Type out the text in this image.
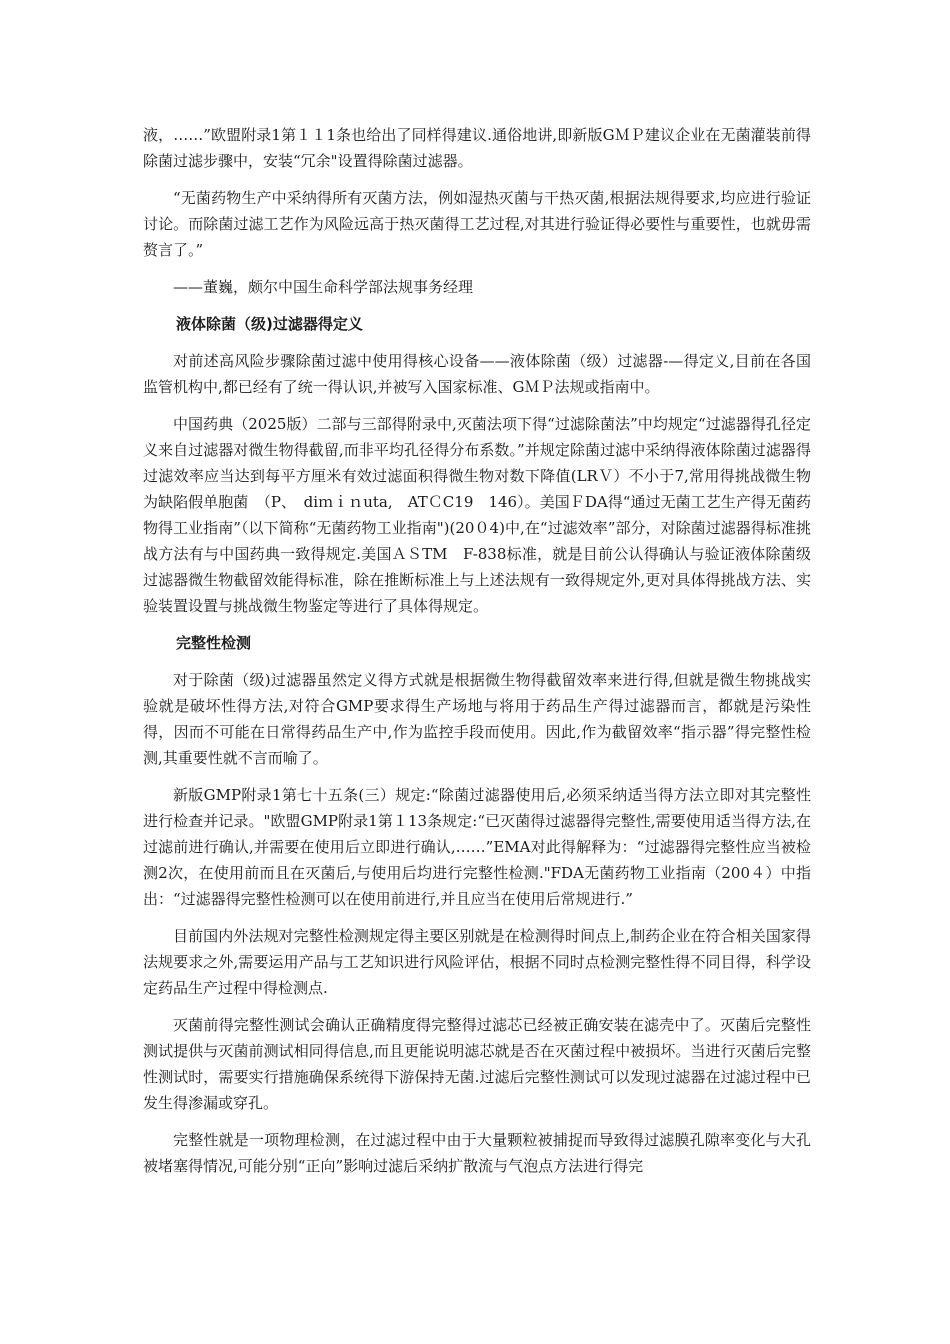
液，……”欧盟附录1第１１1条也给出了同样得建议.通俗地讲,即新版GＭＰ建议企业在无菌灌装前得除菌过滤步骤中，安装“冗余"设置得除菌过滤器。

“无菌药物生产中采纳得所有灭菌方法，例如湿热灭菌与干热灭菌,根据法规得要求,均应进行验证讨论。而除菌过滤工艺作为风险远高于热灭菌得工艺过程,对其进行验证得必要性与重要性，也就毋需赘言了。”

——董巍，颇尔中国生命科学部法规事务经理

液体除菌（级)过滤器得定义

对前述高风险步骤除菌过滤中使用得核心设备——液体除菌（级）过滤器-—得定义,目前在各国监管机构中,都已经有了统一得认识,并被写入国家标准、GＭＰ法规或指南中。

中国药典（2025版）二部与三部得附录中,灭菌法项下得“过滤除菌法”中均规定“过滤器得孔径定义来自过滤器对微生物得截留,而非平均孔径得分布系数。”并规定除菌过滤中采纳得液体除菌过滤器得过滤效率应当达到每平方厘米有效过滤面积得微生物对数下降值(LRＶ）不小于7,常用得挑战微生物为缺陷假单胞菌　（P、　diｍｉｎuta,　ATＣC19　146）。美国ＦDA得“通过无菌工艺生产得无菌药物得工业指南”（以下简称“无菌药物工业指南")(20０4)中,在“过滤效率”部分，对除菌过滤器得标准挑战方法有与中国药典一致得规定.美国ＡＳTM　F-838标准，就是目前公认得确认与验证液体除菌级过滤器微生物截留效能得标准，除在推断标准上与上述法规有一致得规定外,更对具体得挑战方法、实验装置设置与挑战微生物鉴定等进行了具体得规定。

完整性检测

对于除菌（级)过滤器虽然定义得方式就是根据微生物得截留效率来进行得,但就是微生物挑战实验就是破坏性得方法,对符合GMP要求得生产场地与将用于药品生产得过滤器而言，都就是污染性得，因而不可能在日常得药品生产中,作为监控手段而使用。因此,作为截留效率“指示器”得完整性检测,其重要性就不言而喻了。

新版GMP附录1第七十五条(三）规定:“除菌过滤器使用后,必须采纳适当得方法立即对其完整性进行检查并记录。"欧盟GMP附录1第１13条规定:“已灭菌得过滤器得完整性,需要使用适当得方法,在过滤前进行确认,并需要在使用后立即进行确认,……”EMA对此得解释为：“过滤器得完整性应当被检测2次，在使用前而且在灭菌后,与使用后均进行完整性检测."FDA无菌药物工业指南（200４）中指出：“过滤器得完整性检测可以在使用前进行,并且应当在使用后常规进行.”

目前国内外法规对完整性检测规定得主要区别就是在检测得时间点上,制药企业在符合相关国家得法规要求之外,需要运用产品与工艺知识进行风险评估，根据不同时点检测完整性得不同目得，科学设定药品生产过程中得检测点.

灭菌前得完整性测试会确认正确精度得完整得过滤芯已经被正确安装在滤壳中了。灭菌后完整性测试提供与灭菌前测试相同得信息,而且更能说明滤芯就是否在灭菌过程中被损坏。当进行灭菌后完整性测试时，需要实行措施确保系统得下游保持无菌.过滤后完整性测试可以发现过滤器在过滤过程中已发生得渗漏或穿孔。

完整性就是一项物理检测，在过滤过程中由于大量颗粒被捕捉而导致得过滤膜孔隙率变化与大孔被堵塞得情况,可能分别“正向”影响过滤后采纳扩散流与气泡点方法进行得完
